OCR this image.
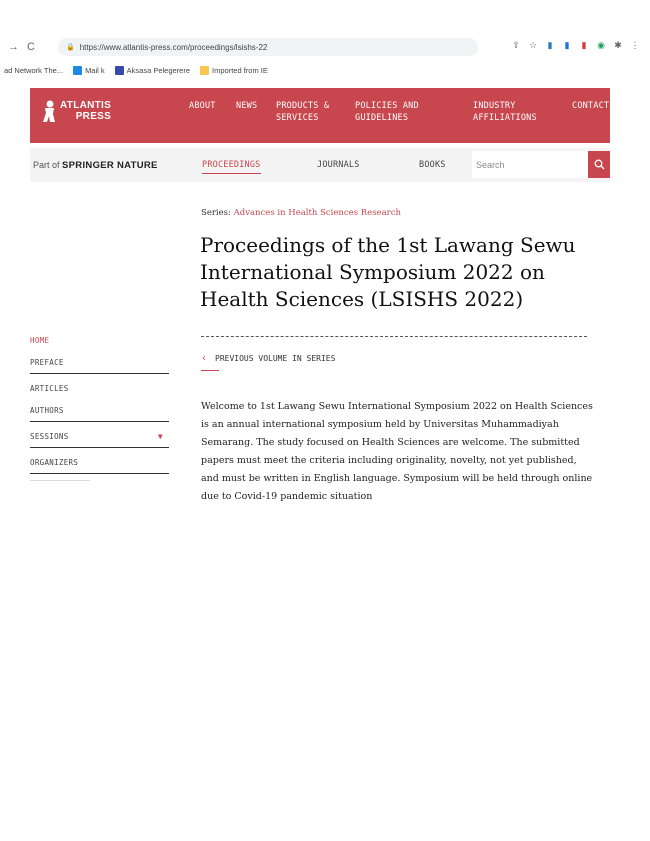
→ C	🔒 https://www.atlantis-press.com/proceedings/lsishs-22	⇪ ☆ ▮ ▮ ▮ ◉ ✱ ⋮
ad Network The...	Mail k	Aksasa Pelegerere	Imported from IE
ATLANTIS
PRESS
ABOUT NEWS PRODUCTS &
SERVICES
POLICIES AND
GUIDELINES
INDUSTRY
AFFILIATIONS
CONTACT
Part of SPRINGER NATURE	PROCEEDINGS	JOURNALS	BOOKS
Search
Series: Advances in Health Sciences Research
Proceedings of the 1st Lawang Sewu International Symposium 2022 on Health Sciences (LSISHS 2022)
‹ PREVIOUS VOLUME IN SERIES

Welcome to 1st Lawang Sewu International Symposium 2022 on Health Sciences is an annual international symposium held by Universitas Muhammadiyah Semarang. The study focused on Health Sciences are welcome. The submitted papers must meet the criteria including originality, novelty, not yet published, and must be written in English language. Symposium will be held through online due to Covid-19 pandemic situation

HOME
PREFACE
ARTICLES
AUTHORS
SESSIONS	▼
ORGANIZERS
